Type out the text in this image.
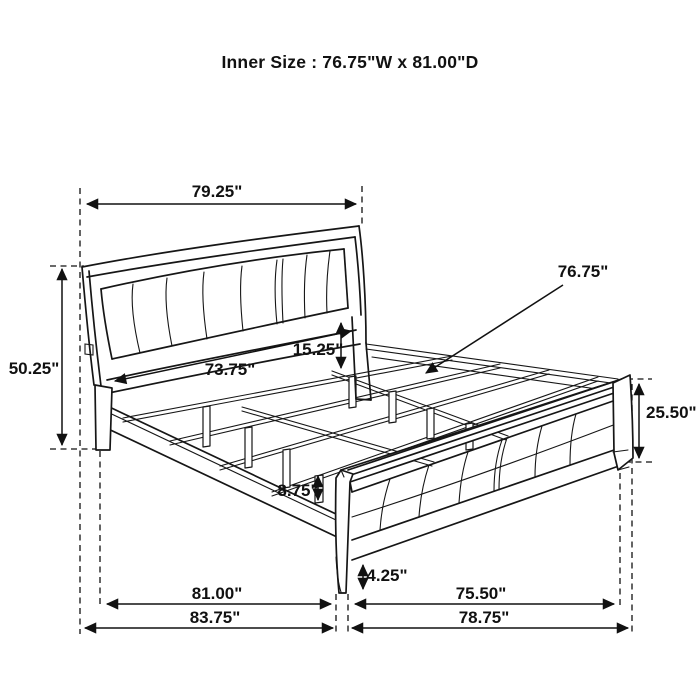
Inner Size : 76.75"W x 81.00"D
79.25"
50.25"	73.75"
15.25"
76.75"
25.50"
8.75"
4.25"
81.00"	75.50"
83.75"	78.75"
